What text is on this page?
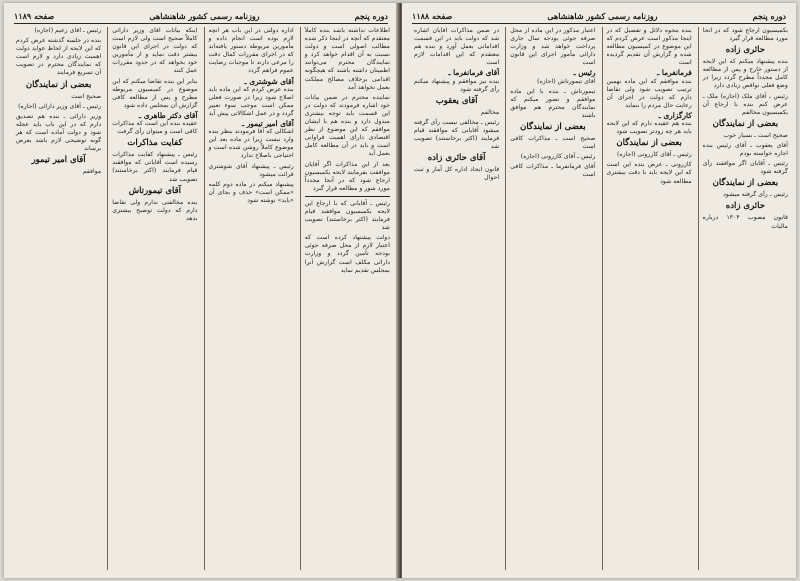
دوره پنجم
روزنامه رسمی کشور شاهنشاهی
صفحه ۱۱۸۹

اطلاعات نداشته باشد بنده کاملاً معتقدم که آنچه در اینجا ذکر شده مطالب اصولی است و دولت نسبت به آن اقدام خواهد کرد و نمایندگان محترم می‌توانند اطمینان داشته باشند که هیچگونه اقدامی برخلاف مصالح مملکت بعمل نخواهد آمد

نماینده محترم در ضمن بیانات خود اشاره فرمودند که دولت در این قسمت باید توجه بیشتری مبذول دارد و بنده هم با ایشان موافقم که این موضوع از نظر اقتصادی دارای اهمیت فراوانی است و باید در آن مطالعه کامل بعمل آید

بعد از این مذاکرات اگر آقایان موافقت بفرمایند لایحه بکمیسیون ارجاع شود که در آنجا مجدداً مورد شور و مطالعه قرار گیرد

رئیس ـ آقایانی که با ارجاع این لایحه بکمیسیون موافقند قیام فرمایند (اکثر برخاستند) تصویب شد

دولت پیشنهاد کرده است که اعتبار لازم از محل صرفه جوئی بودجه تأمین گردد و وزارت دارائی مکلف است گزارش آنرا بمجلس تقدیم نماید

اداره دولتی در این باب هر آنچه لازم بوده است انجام داده و مأمورین مربوطه دستور یافته‌اند که در اجرای مقررات کمال دقت را مرعی دارند تا موجبات رضایت عموم فراهم گردد

آقای شوشتری ـ

بنده عرض کردم که این ماده باید اصلاح شود زیرا در صورت فعلی ممکن است موجب سوء تعبیر گردد و در عمل اشکالاتی پیش آید

آقای امیر تیمور ـ

اشکالی که آقا فرمودند بنظر بنده وارد نیست زیرا در ماده بعد این موضوع کاملاً روشن شده است و احتیاجی باصلاح ندارد

رئیس ـ پیشنهاد آقای شوشتری قرائت میشود

پیشنهاد میکنم در ماده دوم کلمه «ممکن است» حذف و بجای آن «باید» نوشته شود

اینکه بیانات آقای وزیر دارائی کاملاً صحیح است ولی لازم است که دولت در اجرای این قانون بیشتر دقت نماید و از مأمورین خود بخواهد که در حدود مقررات عمل کنند

بنابر این بنده تقاضا میکنم که این موضوع در کمیسیون مربوطه مطرح و پس از مطالعه کافی گزارش آن بمجلس داده شود

آقای دکتر طاهری ـ

عقیده بنده این است که مذاکرات کافی است و میتوان رأی گرفت

کفایت مذاکرات

رئیس ـ پیشنهاد کفایت مذاکرات رسیده است آقایانی که موافقند قیام فرمایند (اکثر برخاستند) تصویب شد

آقای تیمورتاش

بنده مخالفتی ندارم ولی تقاضا دارم که دولت توضیح بیشتری بدهد

رئیس ـ آقای زعیم (اجازه)

بنده در جلسه گذشته عرض کردم که این لایحه از لحاظ عواید دولت اهمیت زیادی دارد و لازم است که نمایندگان محترم در تصویب آن تسریع فرمایند

بعضی از نمایندگان

صحیح است

رئیس ـ آقای وزیر دارائی (اجازه)

وزیر دارائی ـ بنده هم تصدیق دارم که در این باب باید عجله شود و دولت آماده است که هر گونه توضیحی لازم باشد بعرض برساند

آقای امیر تیمور

موافقم

دوره پنجم
روزنامه رسمی کشور شاهنشاهی
صفحه ۱۱۸۸

بکمیسیون ارجاع شود که در آنجا مورد مطالعه قرار گیرد

حائری زاده

بنده پیشنهاد میکنم که این لایحه از دستور خارج و پس از مطالعه کامل مجدداً مطرح گردد زیرا در وضع فعلی نواقص زیادی دارد

رئیس ـ آقای ملک (اجازه) ملک ـ عرض کنم بنده با ارجاع آن بکمیسیون مخالفم

بعضی از نمایندگان

صحیح است ـ بسیار خوب

آقای یعقوب ـ آقای رئیس بنده اجازه خواسته بودم

رئیس ـ آقایان اگر موافقند رأی گرفته شود

بعضی از نمایندگان

رئیس ـ رأی گرفته میشود

حائری زاده

قانون مصوب ۱۳۰۴ درباره مالیات

بنده بنحوه دلائل و تفصیل که در اینجا مذکور است عرض کردم که این موضوع در کمیسیون مطالعه شده و گزارش آن تقدیم گردیده است

فرمانفرما ـ

بنده موافقم که این ماده بهمین ترتیب تصویب شود ولی تقاضا دارم که دولت در اجرای آن رعایت حال مردم را بنماید

کارگزاری ـ

بنده هم عقیده دارم که این لایحه باید هر چه زودتر تصویب شود

بعضی از نمایندگان

رئیس ـ آقای کازرونی (اجازه)

کازرونی ـ عرض بنده این است که این لایحه باید با دقت بیشتری مطالعه شود

اعتبار مذکور در این ماده از محل صرفه جوئی بودجه سال جاری پرداخت خواهد شد و وزارت دارائی مأمور اجرای این قانون است

رئیس ـ

آقای تیمورتاش (اجازه)

تیمورتاش ـ بنده با این ماده موافقم و تصور میکنم که نمایندگان محترم هم موافق باشند

بعضی از نمایندگان

صحیح است ـ مذاکرات کافی است

رئیس ـ آقای کازرونی (اجازه)

آقای فرمانفرما ـ مذاکرات کافی است

در ضمن مذاکرات آقایان اشاره شد که دولت باید در این قسمت اقداماتی بعمل آورد و بنده هم معتقدم که این اقدامات لازم است

آقای فرمانفرما ـ

بنده نیز موافقم و پیشنهاد میکنم رأی گرفته شود

آقای یعقوب

مخالفم

رئیس ـ مخالفی نیست رأی گرفته میشود آقایانی که موافقند قیام فرمایند (اکثر برخاستند) تصویب شد

آقای حائری زاده

قانون ایجاد اداره کل آمار و ثبت احوال
